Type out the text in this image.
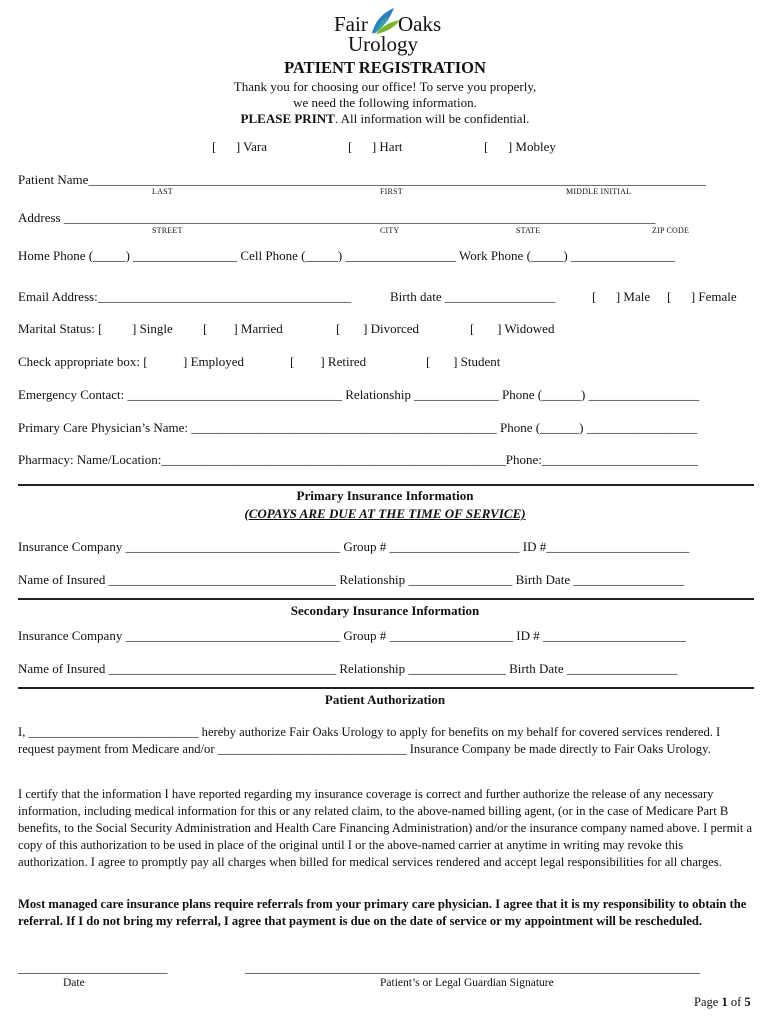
Fair Oaks
Urology
PATIENT REGISTRATION
Thank you for choosing our office! To serve you properly,
we need the following information.
PLEASE PRINT. All information will be confidential.
[      ] Vara	[      ] Hart	[      ] Mobley
Patient Name_______________________________________________________________________________________________
LAST	FIRST	MIDDLE INITIAL
Address ___________________________________________________________________________________________
STREET	CITY	STATE	ZIP CODE
Home Phone (_____) ________________ Cell Phone (_____) _________________ Work Phone (_____) ________________
Email Address:_______________________________________	Birth date _________________	[      ] Male [      ] Female
Marital Status: [ ] Single [        ] Married	[       ] Divorced	[       ] Widowed
Check appropriate box: [	] Employed	[        ] Retired	[       ] Student
Emergency Contact: _________________________________ Relationship _____________ Phone (______) _________________
Primary Care Physician’s Name: _______________________________________________ Phone (______) _________________
Pharmacy: Name/Location:_____________________________________________________Phone:________________________
Primary Insurance Information
(COPAYS ARE DUE AT THE TIME OF SERVICE)
Insurance Company _________________________________ Group # ____________________ ID #______________________
Name of Insured ___________________________________ Relationship ________________ Birth Date _________________
Secondary Insurance Information
Insurance Company _________________________________ Group # ___________________ ID # ______________________
Name of Insured ___________________________________ Relationship _______________ Birth Date _________________
Patient Authorization
I, ___________________________ hereby authorize Fair Oaks Urology to apply for benefits on my behalf for covered services rendered. I request payment from Medicare and/or ______________________________ Insurance Company be made directly to Fair Oaks Urology.
I certify that the information I have reported regarding my insurance coverage is correct and further authorize the release of any necessary information, including medical information for this or any related claim, to the above-named billing agent, (or in the case of Medicare Part B benefits, to the Social Security Administration and Health Care Financing Administration) and/or the insurance company named above. I permit a copy of this authorization to be used in place of the original until I or the above-named carrier at anytime in writing may revoke this authorization. I agree to promptly pay all charges when billed for medical services rendered and accept legal responsibilities for all charges.
Most managed care insurance plans require referrals from your primary care physician. I agree that it is my responsibility to obtain the referral. If I do not bring my referral, I agree that payment is due on the date of service or my appointment will be rescheduled.
_______________________
Date
______________________________________________________________________
Patient’s or Legal Guardian Signature
Page 1 of 5
